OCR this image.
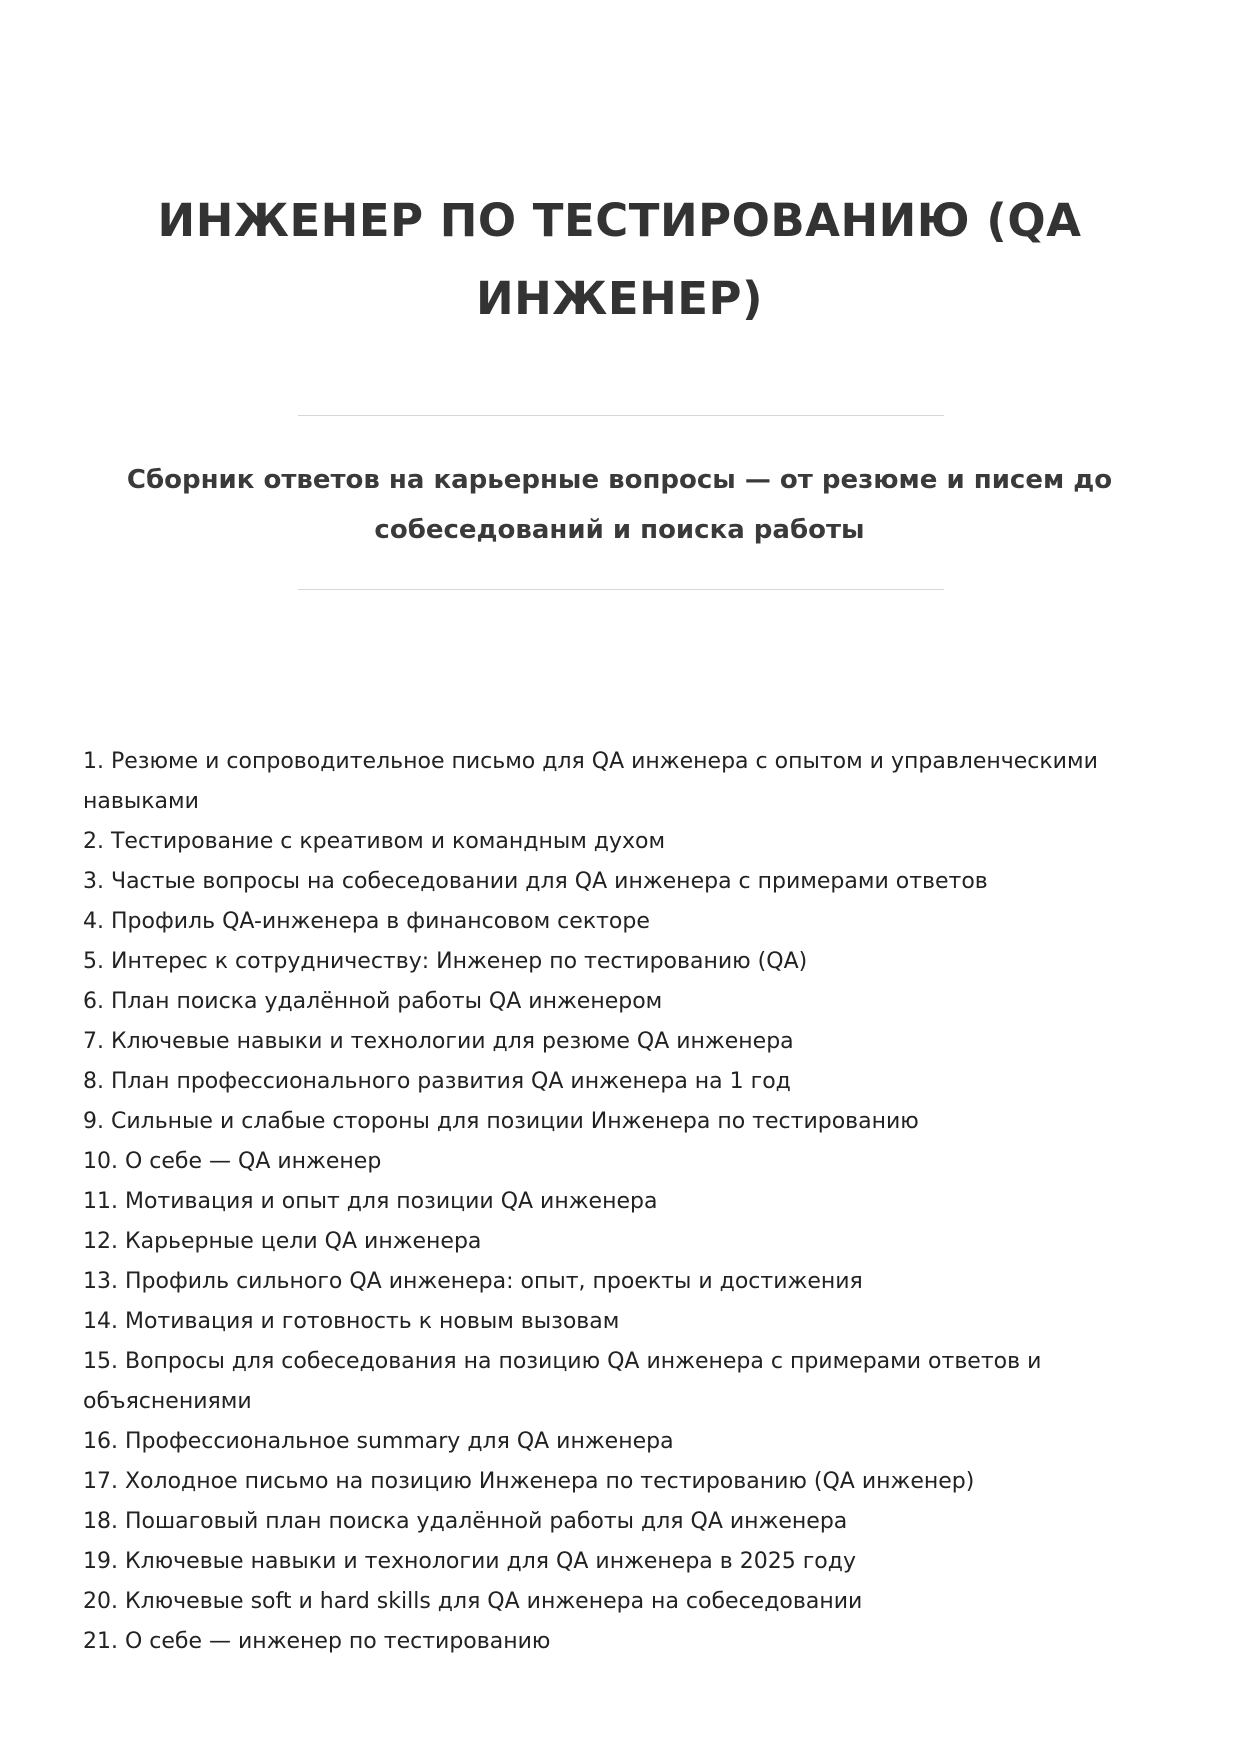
ИНЖЕНЕР ПО ТЕСТИРОВАНИЮ (QA ИНЖЕНЕР)
Сборник ответов на карьерные вопросы — от резюме и писем до собеседований и поиска работы
1. Резюме и сопроводительное письмо для QA инженера с опытом и управленческими навыками
2. Тестирование с креативом и командным духом
3. Частые вопросы на собеседовании для QA инженера с примерами ответов
4. Профиль QA-инженера в финансовом секторе
5. Интерес к сотрудничеству: Инженер по тестированию (QA)
6. План поиска удалённой работы QA инженером
7. Ключевые навыки и технологии для резюме QA инженера
8. План профессионального развития QA инженера на 1 год
9. Сильные и слабые стороны для позиции Инженера по тестированию
10. О себе — QA инженер
11. Мотивация и опыт для позиции QA инженера
12. Карьерные цели QA инженера
13. Профиль сильного QA инженера: опыт, проекты и достижения
14. Мотивация и готовность к новым вызовам
15. Вопросы для собеседования на позицию QA инженера с примерами ответов и объяснениями
16. Профессиональное summary для QA инженера
17. Холодное письмо на позицию Инженера по тестированию (QA инженер)
18. Пошаговый план поиска удалённой работы для QA инженера
19. Ключевые навыки и технологии для QA инженера в 2025 году
20. Ключевые soft и hard skills для QA инженера на собеседовании
21. О себе — инженер по тестированию
